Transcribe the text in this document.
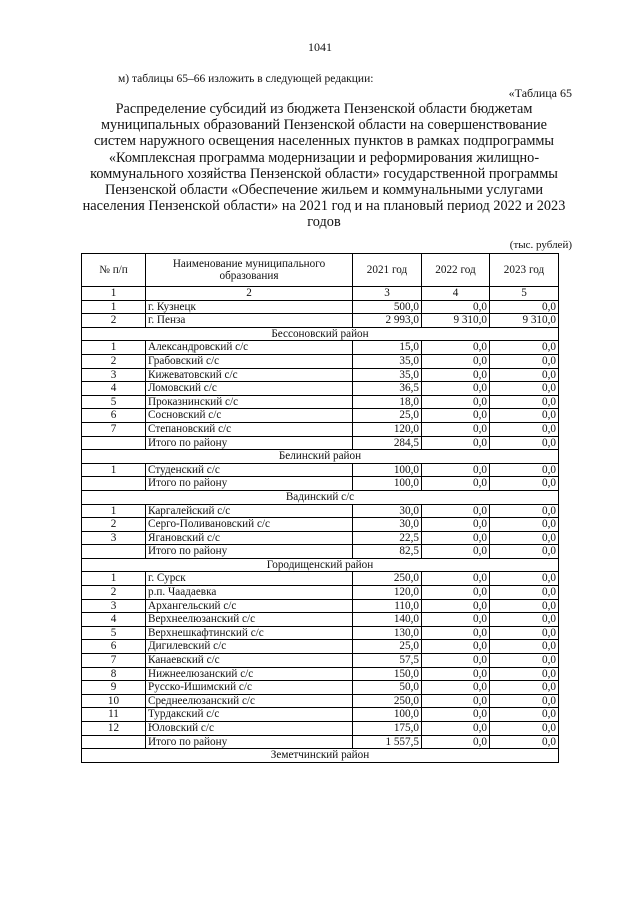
1041
м) таблицы 65–66 изложить в следующей редакции:
«Таблица 65
Распределение субсидий из бюджета Пензенской области бюджетам муниципальных образований Пензенской области на совершенствование систем наружного освещения населенных пунктов в рамках подпрограммы «Комплексная программа модернизации и реформирования жилищно-коммунального хозяйства Пензенской области» государственной программы Пензенской области «Обеспечение жильем и коммунальными услугами населения Пензенской области» на 2021 год и на плановый период 2022 и 2023 годов
(тыс. рублей)
№ п/п	Наименование муниципального образования	2021 год	2022 год	2023 год
1	2	3	4	5
1	г. Кузнецк	500,0	0,0	0,0
2	г. Пенза	2 993,0	9 310,0	9 310,0
Бессоновский район				
1	Александровский с/с	15,0	0,0	0,0
2	Грабовский с/с	35,0	0,0	0,0
3	Кижеватовский с/с	35,0	0,0	0,0
4	Ломовский с/с	36,5	0,0	0,0
5	Проказнинский с/с	18,0	0,0	0,0
6	Сосновский с/с	25,0	0,0	0,0
7	Степановский с/с	120,0	0,0	0,0
	Итого по району	284,5	0,0	0,0
Белинский район				
1	Студенский с/с	100,0	0,0	0,0
	Итого по району	100,0	0,0	0,0
Вадинский с/с				
1	Каргалейский с/с	30,0	0,0	0,0
2	Серго-Поливановский с/с	30,0	0,0	0,0
3	Ягановский с/с	22,5	0,0	0,0
	Итого по району	82,5	0,0	0,0
Городищенский район				
1	г. Сурск	250,0	0,0	0,0
2	р.п. Чаадаевка	120,0	0,0	0,0
3	Архангельский с/с	110,0	0,0	0,0
4	Верхнеелюзанский с/с	140,0	0,0	0,0
5	Верхнешкафтинский с/с	130,0	0,0	0,0
6	Дигилевский с/с	25,0	0,0	0,0
7	Канаевский с/с	57,5	0,0	0,0
8	Нижнеелюзанский с/с	150,0	0,0	0,0
9	Русско-Ишимский с/с	50,0	0,0	0,0
10	Среднеелюзанский с/с	250,0	0,0	0,0
11	Турдакский с/с	100,0	0,0	0,0
12	Юловский с/с	175,0	0,0	0,0
	Итого по району	1 557,5	0,0	0,0
Земетчинский район				
